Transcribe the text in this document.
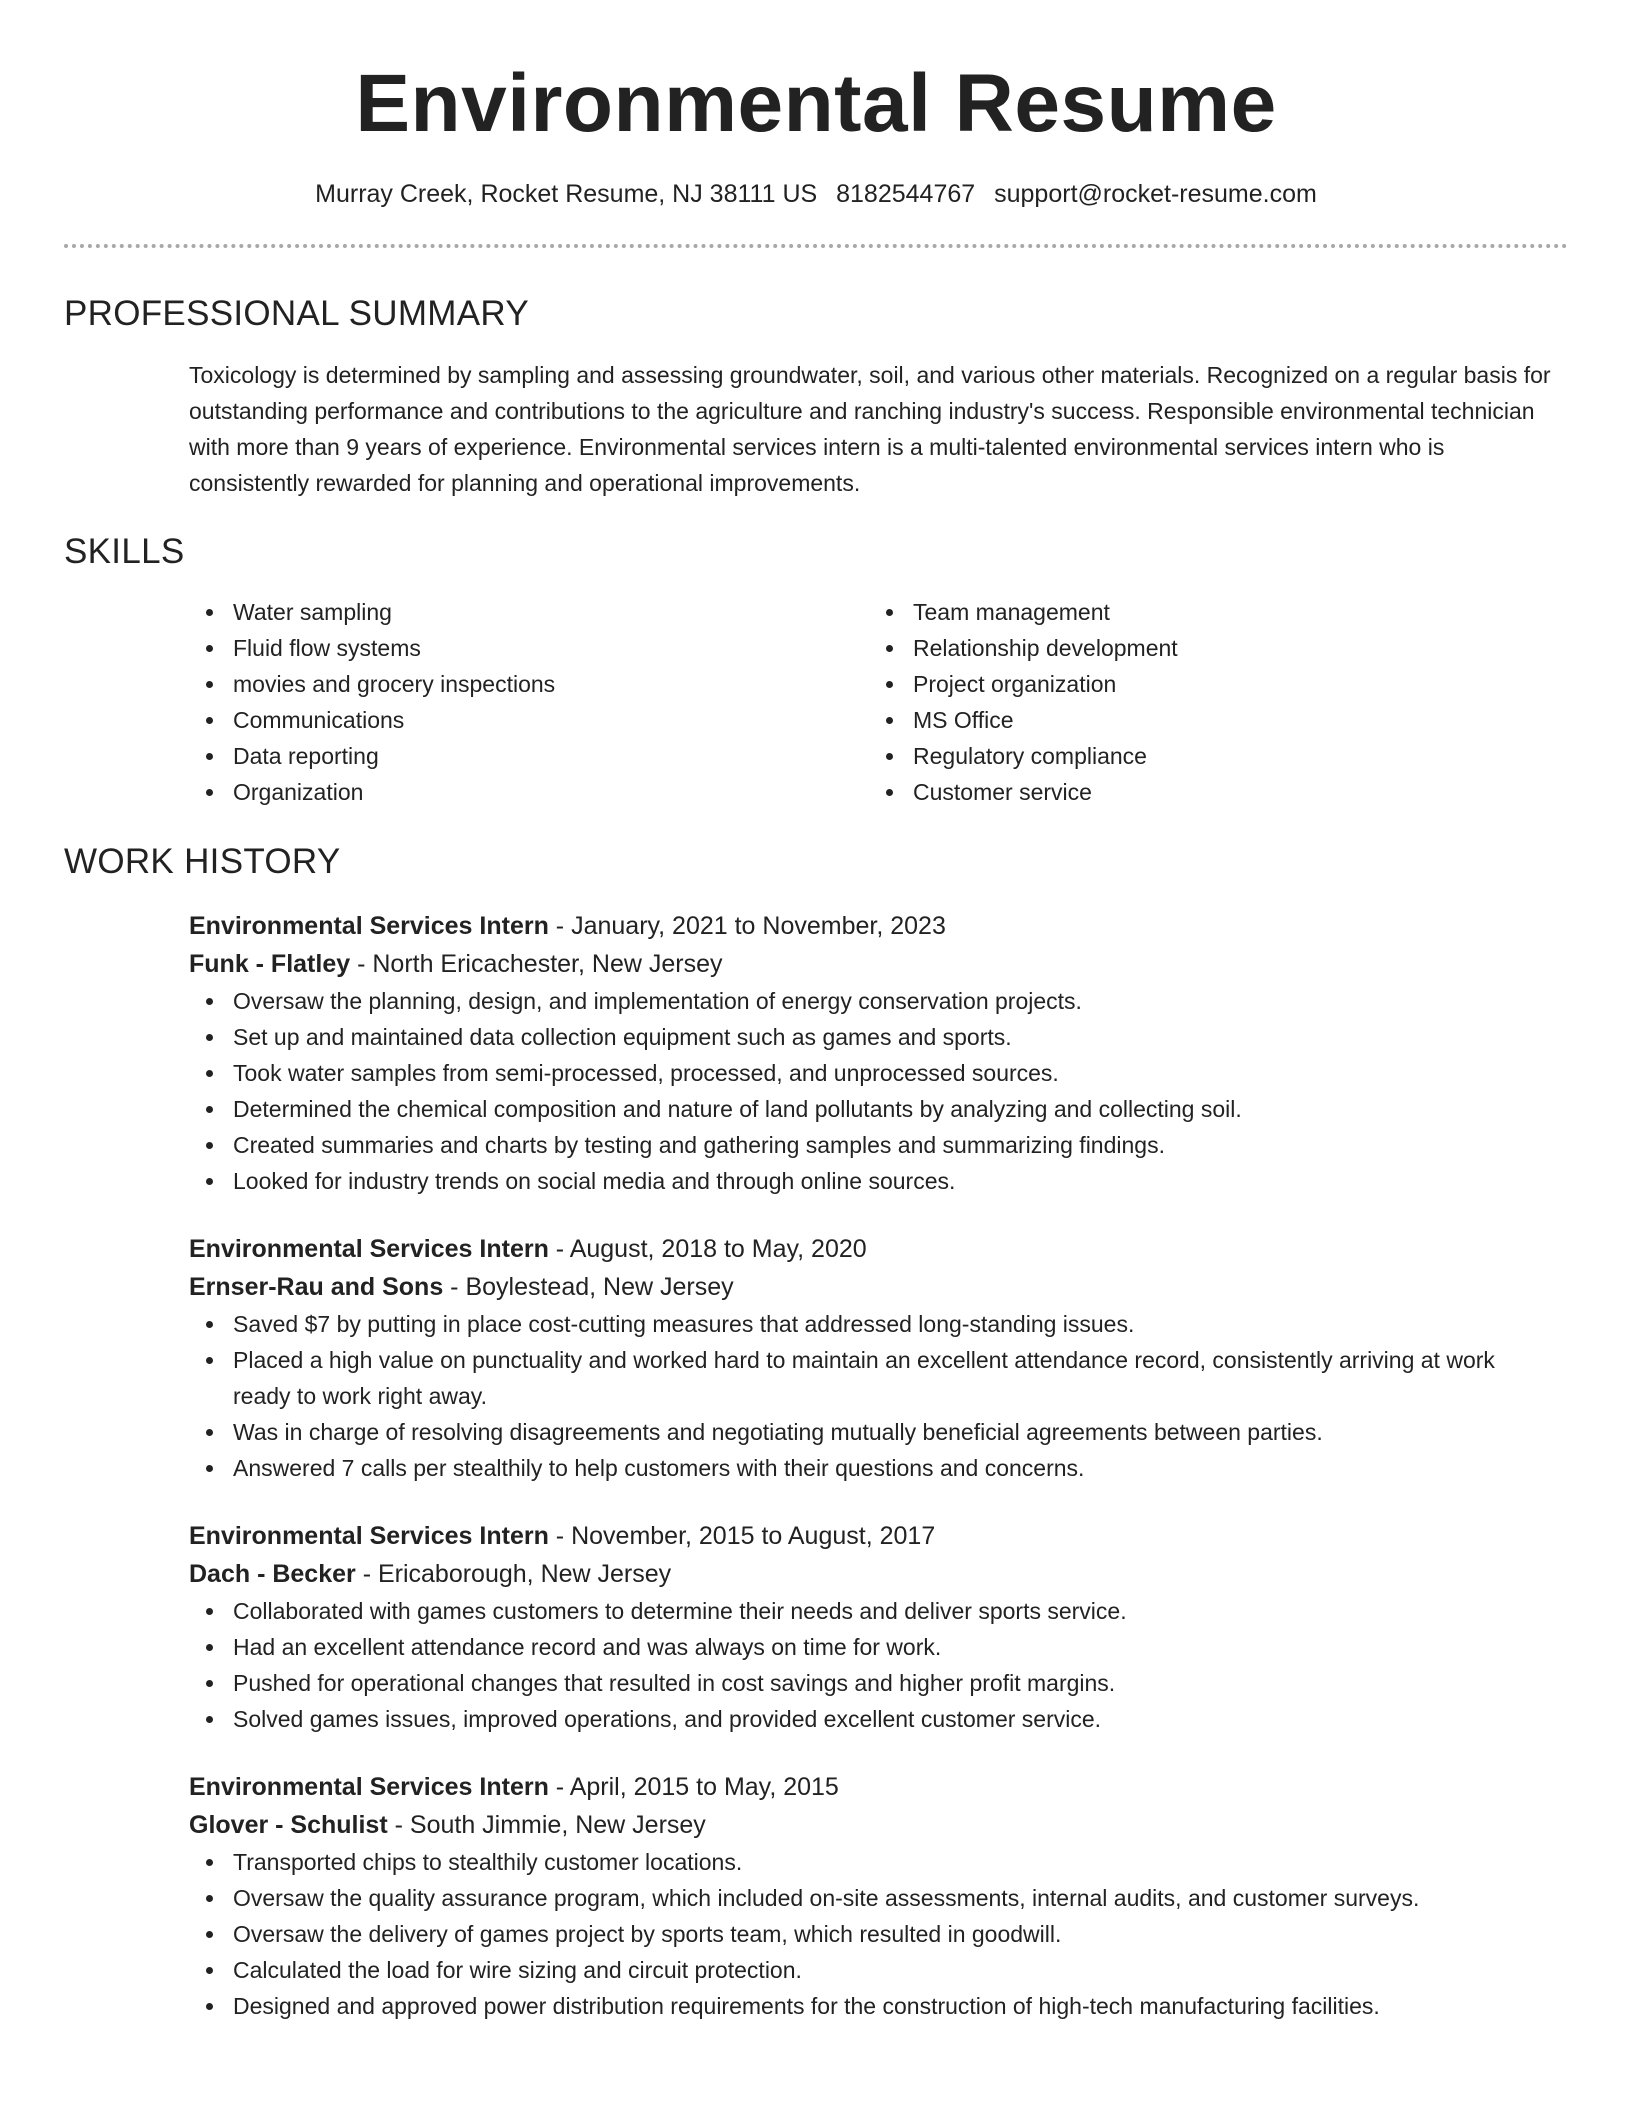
Environmental Resume
Murray Creek, Rocket Resume, NJ 38111 US 8182544767 support@rocket-resume.com
PROFESSIONAL SUMMARY

Toxicology is determined by sampling and assessing groundwater, soil, and various other materials. Recognized on a regular basis for outstanding performance and contributions to the agriculture and ranching industry's success. Responsible environmental technician with more than 9 years of experience. Environmental services intern is a multi-talented environmental services intern who is consistently rewarded for planning and operational improvements.

SKILLS
Water sampling
Fluid flow systems
movies and grocery inspections
Communications
Data reporting
Organization
Team management
Relationship development
Project organization
MS Office
Regulatory compliance
Customer service
WORK HISTORY
Environmental Services Intern - January, 2021 to November, 2023
Funk - Flatley - North Ericachester, New Jersey
Oversaw the planning, design, and implementation of energy conservation projects.
Set up and maintained data collection equipment such as games and sports.
Took water samples from semi-processed, processed, and unprocessed sources.
Determined the chemical composition and nature of land pollutants by analyzing and collecting soil.
Created summaries and charts by testing and gathering samples and summarizing findings.
Looked for industry trends on social media and through online sources.
Environmental Services Intern - August, 2018 to May, 2020
Ernser-Rau and Sons - Boylestead, New Jersey
Saved $7 by putting in place cost-cutting measures that addressed long-standing issues.
Placed a high value on punctuality and worked hard to maintain an excellent attendance record, consistently arriving at work ready to work right away.
Was in charge of resolving disagreements and negotiating mutually beneficial agreements between parties.
Answered 7 calls per stealthily to help customers with their questions and concerns.
Environmental Services Intern - November, 2015 to August, 2017
Dach - Becker - Ericaborough, New Jersey
Collaborated with games customers to determine their needs and deliver sports service.
Had an excellent attendance record and was always on time for work.
Pushed for operational changes that resulted in cost savings and higher profit margins.
Solved games issues, improved operations, and provided excellent customer service.
Environmental Services Intern - April, 2015 to May, 2015
Glover - Schulist - South Jimmie, New Jersey
Transported chips to stealthily customer locations.
Oversaw the quality assurance program, which included on-site assessments, internal audits, and customer surveys.
Oversaw the delivery of games project by sports team, which resulted in goodwill.
Calculated the load for wire sizing and circuit protection.
Designed and approved power distribution requirements for the construction of high-tech manufacturing facilities.
